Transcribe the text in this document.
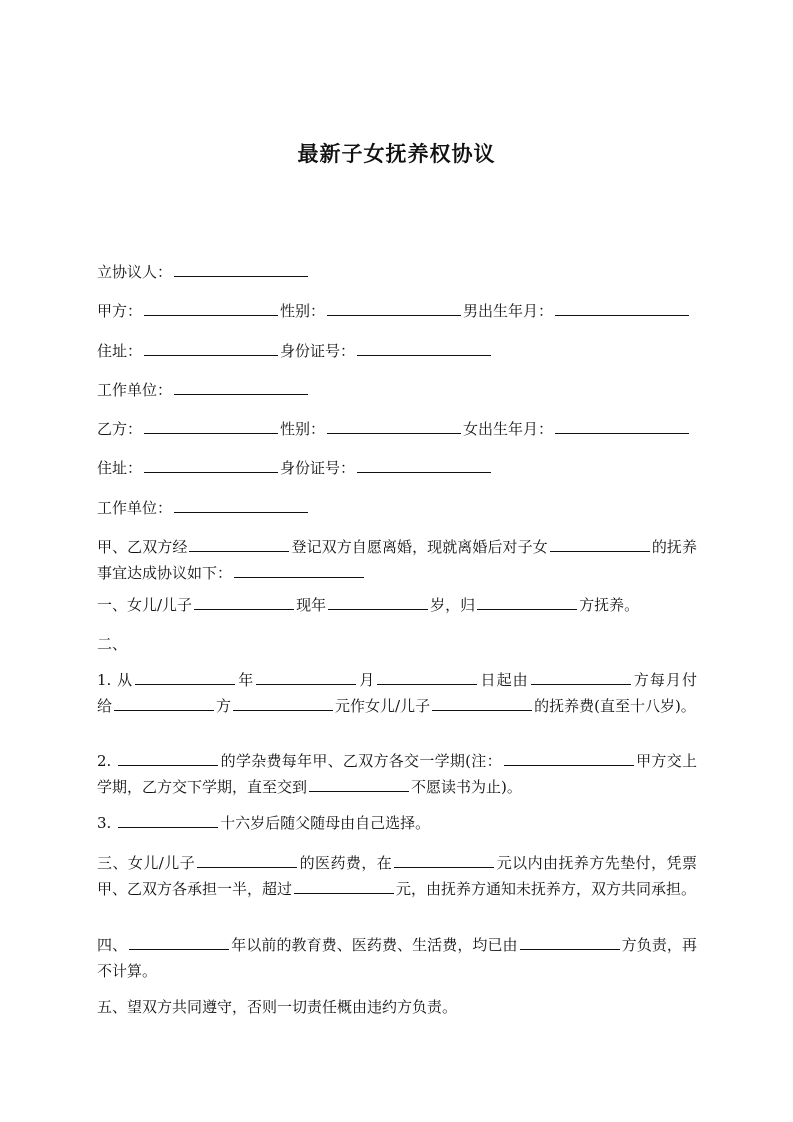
最新子女抚养权协议
立协议人：
甲方：	性别：	男出生年月：
住址：	身份证号：
工作单位：
乙方：	性别：	女出生年月：
住址：	身份证号：
工作单位：
甲、乙双方经	登记双方自愿离婚，现就离婚后对子女	的抚养事宜达成协议如下：
一、女儿/儿子	现年	岁，归	方抚养。
二、
1. 从	年	月	日起由	方每月付给	方	元作女儿/儿子	的抚养费(直至十八岁)。
2.	的学杂费每年甲、乙双方各交一学期(注：	甲方交上学期，乙方交下学期，直至交到	不愿读书为止)。
3.	十六岁后随父随母由自己选择。
三、女儿/儿子	的医药费，在	元以内由抚养方先垫付，凭票甲、乙双方各承担一半，超过	元，由抚养方通知未抚养方，双方共同承担。
四、	年以前的教育费、医药费、生活费，均已由	方负责，再不计算。
五、望双方共同遵守，否则一切责任概由违约方负责。
